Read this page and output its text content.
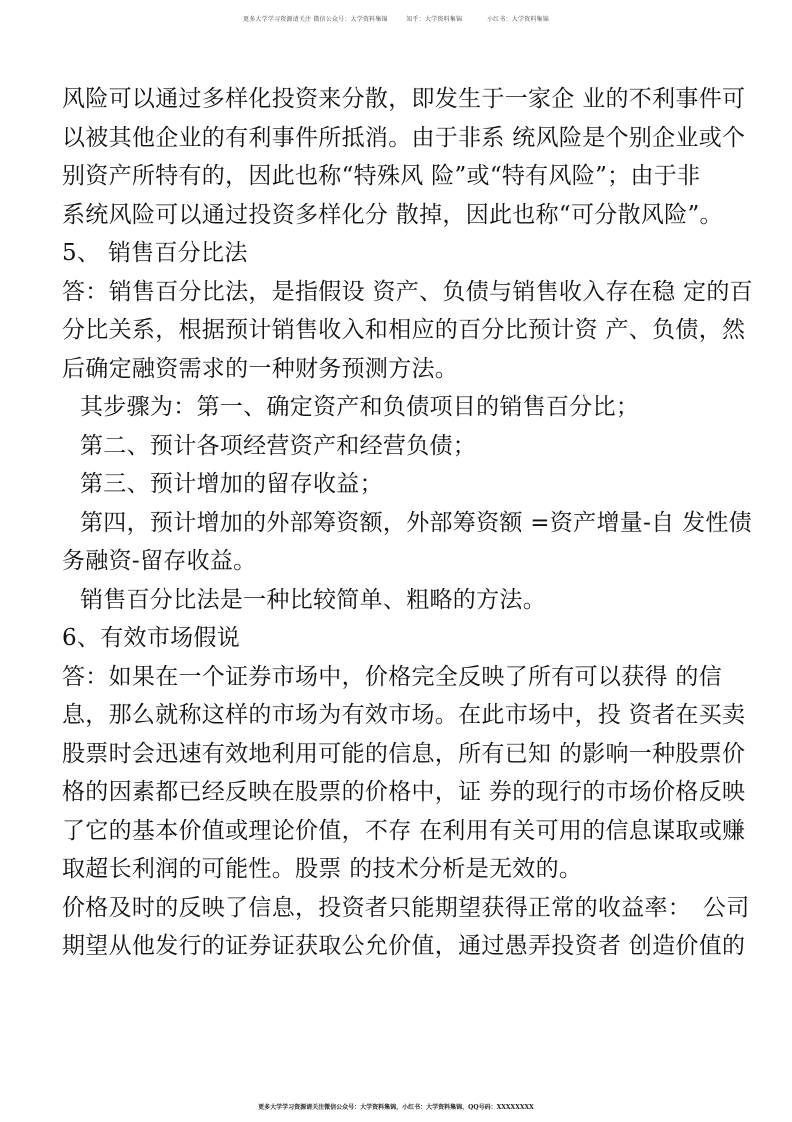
更多大学学习资源请关注 微信公众号：大学资料集锦　　　知乎：大学资料集锦　　　　小红书：大学资料集锦
风险可以通过多样化投资来分散，即发生于一家企 业的不利事件可
以被其他企业的有利事件所抵消。由于非系 统风险是个别企业或个
别资产所特有的，因此也称“特殊风 险”或“特有风险”；由于非
系统风险可以通过投资多样化分 散掉，因此也称“可分散风险”。
5、 销售百分比法
答：销售百分比法，是指假设 资产、负债与销售收入存在稳 定的百
分比关系，根据预计销售收入和相应的百分比预计资 产、负债，然
后确定融资需求的一种财务预测方法。
其步骤为：第一、确定资产和负债项目的销售百分比；
第二、预计各项经营资产和经营负债；
第三、预计增加的留存收益；
第四，预计增加的外部筹资额，外部筹资额 =资产增量-自 发性债
务融资-留存收益。
销售百分比法是一种比较简单、粗略的方法。
6、有效市场假说
答：如果在一个证券市场中，价格完全反映了所有可以获得 的信
息，那么就称这样的市场为有效市场。在此市场中，投 资者在买卖
股票时会迅速有效地利用可能的信息，所有已知 的影响一种股票价
格的因素都已经反映在股票的价格中，证 券的现行的市场价格反映
了它的基本价值或理论价值，不存 在利用有关可用的信息谋取或赚
取超长利润的可能性。股票 的技术分析是无效的。
价格及时的反映了信息，投资者只能期望获得正常的收益率：　公司
期望从他发行的证券证获取公允价值，通过愚弄投资者 创造价值的
更多大学学习资源请关注微信公众号：大学资料集锦，小红书：大学资料集锦，QQ号码：XXXXXXXX
